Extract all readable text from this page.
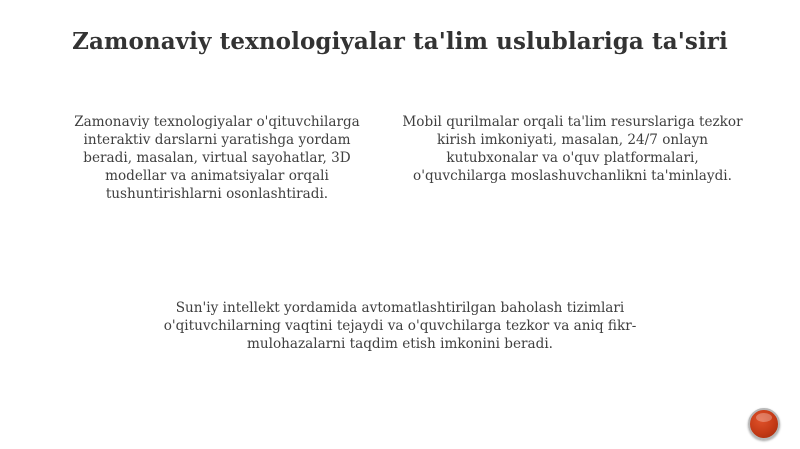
Zamonaviy texnologiyalar ta'lim uslublariga ta'siri

Zamonaviy texnologiyalar o'qituvchilarga interaktiv darslarni yaratishga yordam beradi, masalan, virtual sayohatlar, 3D modellar va animatsiyalar orqali tushuntirishlarni osonlashtiradi.

Mobil qurilmalar orqali ta'lim resurslariga tezkor kirish imkoniyati, masalan, 24/7 onlayn kutubxonalar va o'quv platformalari, o'quvchilarga moslashuvchanlikni ta'minlaydi.

Sun'iy intellekt yordamida avtomatlashtirilgan baholash tizimlari o'qituvchilarning vaqtini tejaydi va o'quvchilarga tezkor va aniq fikr-mulohazalarni taqdim etish imkonini beradi.
